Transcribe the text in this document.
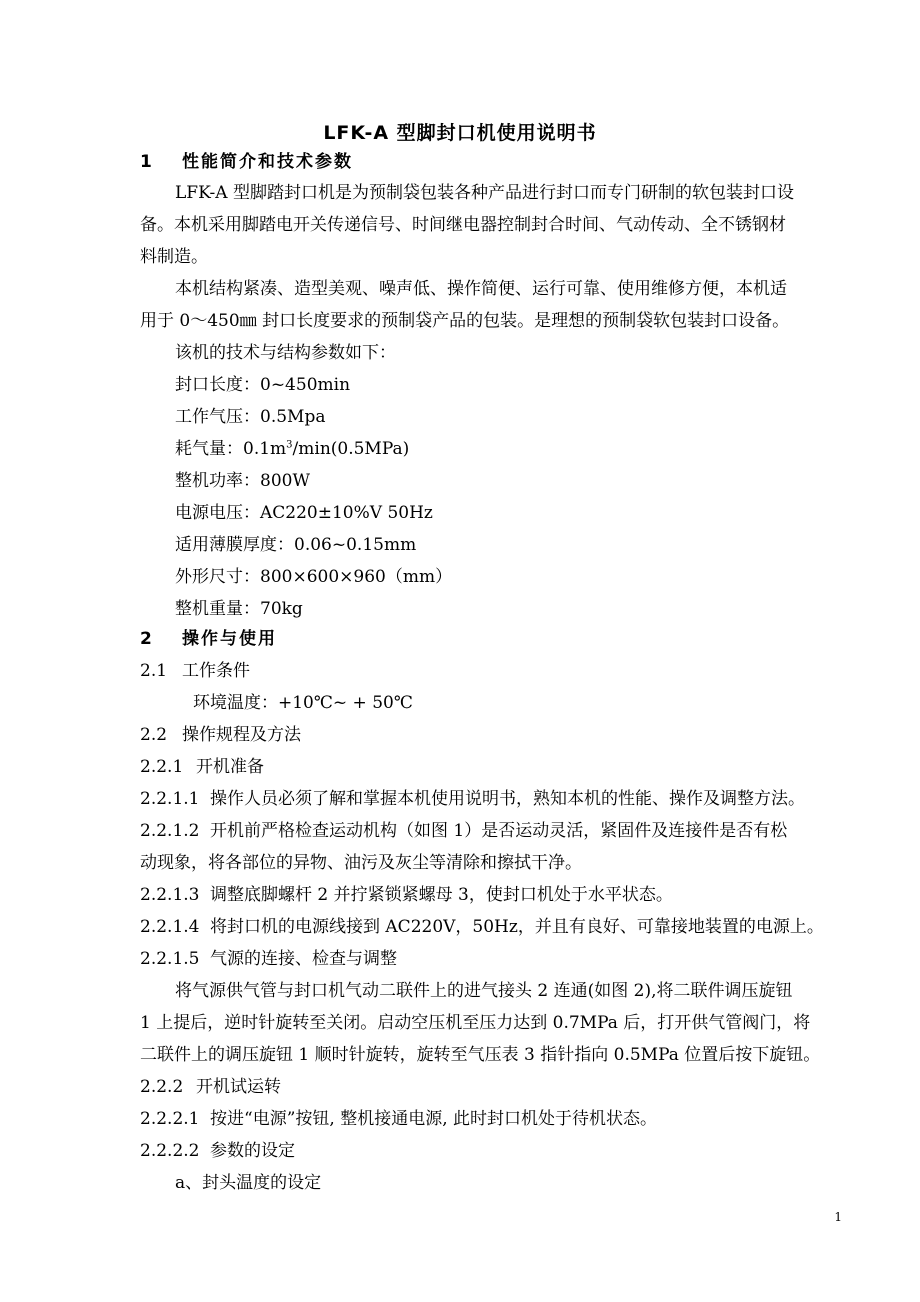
LFK-A 型脚封口机使用说明书
1 性能简介和技术参数
LFK-A 型脚踏封口机是为预制袋包装各种产品进行封口而专门研制的软包装封口设
备。本机采用脚踏电开关传递信号、时间继电器控制封合时间、气动传动、全不锈钢材
料制造。
本机结构紧凑、造型美观、噪声低、操作简便、运行可靠、使用维修方便，本机适
用于 0～450㎜ 封口长度要求的预制袋产品的包装。是理想的预制袋软包装封口设备。
该机的技术与结构参数如下：
封口长度：0~450min
工作气压：0.5Mpa
耗气量：$0.1m^3/\min(0.5MPa)$
整机功率：800W
电源电压：AC220±10%V 50Hz
适用薄膜厚度：0.06~0.15mm
外形尺寸：800×600×960（mm）
整机重量：70kg
2 操作与使用
2.1 工作条件
环境温度：+10℃~ + 50℃
2.2 操作规程及方法
2.2.1 开机准备
2.2.1.1 操作人员必须了解和掌握本机使用说明书，熟知本机的性能、操作及调整方法。
2.2.1.2 开机前严格检查运动机构（如图 1）是否运动灵活，紧固件及连接件是否有松
动现象，将各部位的异物、油污及灰尘等清除和擦拭干净。
2.2.1.3 调整底脚螺杆 2 并拧紧锁紧螺母 3，使封口机处于水平状态。
2.2.1.4 将封口机的电源线接到 AC220V，50Hz，并且有良好、可靠接地装置的电源上。
2.2.1.5 气源的连接、检查与调整
将气源供气管与封口机气动二联件上的进气接头 2 连通(如图 2),将二联件调压旋钮
1 上提后，逆时针旋转至关闭。启动空压机至压力达到 0.7MPa 后，打开供气管阀门，将
二联件上的调压旋钮 1 顺时针旋转，旋转至气压表 3 指针指向 0.5MPa 位置后按下旋钮。
2.2.2 开机试运转
2.2.2.1 按进“电源”按钮, 整机接通电源, 此时封口机处于待机状态。
2.2.2.2 参数的设定
a、封头温度的设定
1
